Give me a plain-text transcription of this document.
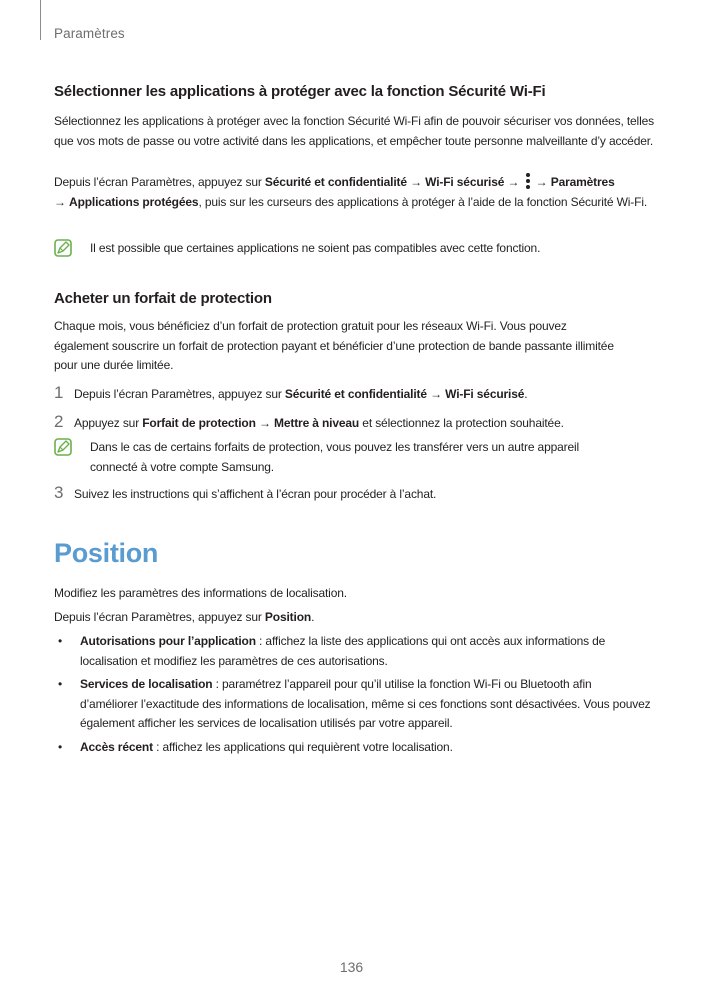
Paramètres
Sélectionner les applications à protéger avec la fonction Sécurité Wi-Fi

Sélectionnez les applications à protéger avec la fonction Sécurité Wi-Fi afin de pouvoir sécuriser vos données, telles que vos mots de passe ou votre activité dans les applications, et empêcher toute personne malveillante d’y accéder.

Depuis l’écran Paramètres, appuyez sur Sécurité et confidentialité → Wi-Fi sécurisé →
→ Paramètres
→ Applications protégées, puis sur les curseurs des applications à protéger à l’aide de la fonction Sécurité Wi-Fi.

Il est possible que certaines applications ne soient pas compatibles avec cette fonction.

Acheter un forfait de protection

Chaque mois, vous bénéficiez d’un forfait de protection gratuit pour les réseaux Wi-Fi. Vous pouvez également souscrire un forfait de protection payant et bénéficier d’une protection de bande passante illimitée pour une durée limitée.

1 Depuis l’écran Paramètres, appuyez sur Sécurité et confidentialité → Wi-Fi sécurisé.

2 Appuyez sur Forfait de protection → Mettre à niveau et sélectionnez la protection souhaitée.

Dans le cas de certains forfaits de protection, vous pouvez les transférer vers un autre appareil connecté à votre compte Samsung.

3 Suivez les instructions qui s’affichent à l’écran pour procéder à l’achat.

Position

Modifiez les paramètres des informations de localisation.

Depuis l’écran Paramètres, appuyez sur Position.

•	Autorisations pour l’application : affichez la liste des applications qui ont accès aux informations de localisation et modifiez les paramètres de ces autorisations.

•	Services de localisation : paramétrez l’appareil pour qu’il utilise la fonction Wi-Fi ou Bluetooth afin d’améliorer l’exactitude des informations de localisation, même si ces fonctions sont désactivées. Vous pouvez également afficher les services de localisation utilisés par votre appareil.

•	Accès récent : affichez les applications qui requièrent votre localisation.

136
